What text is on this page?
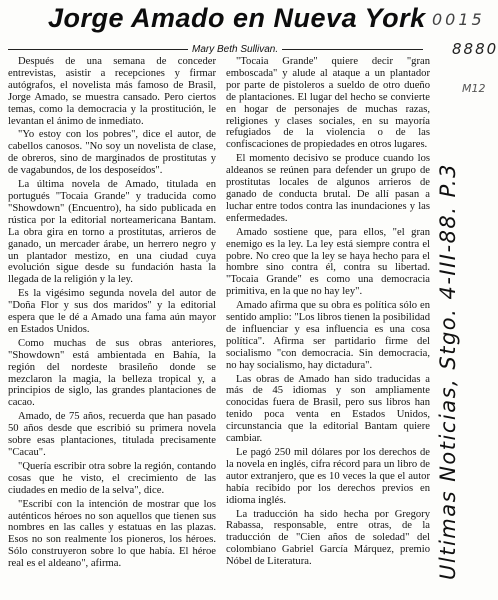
Jorge Amado en Nueva York
Mary Beth Sullivan.

Después de una semana de conceder entrevistas, asistir a recepciones y firmar autógrafos, el novelista más famoso de Brasil, Jorge Amado, se muestra cansado. Pero ciertos temas, como la democracia y la prostitución, le levantan el ánimo de inmediato.

"Yo estoy con los pobres", dice el autor, de cabellos canosos. "No soy un novelista de clase, de obreros, sino de marginados de prostitutas y de vagabundos, de los desposeídos".

La última novela de Amado, titulada en portugués "Tocaia Grande" y traducida como "Showdown" (Encuentro), ha sido publicada en rústica por la editorial norteamericana Bantam. La obra gira en torno a prostitutas, arrieros de ganado, un mercader árabe, un herrero negro y un plantador mestizo, en una ciudad cuya evolución sigue desde su fundación hasta la llegada de la religión y la ley.

Es la vigésimo segunda novela del autor de "Doña Flor y sus dos maridos" y la editorial espera que le dé a Amado una fama aún mayor en Estados Unidos.

Como muchas de sus obras anteriores, "Showdown" está ambientada en Bahía, la región del nordeste brasileño donde se mezclaron la magia, la belleza tropical y, a principios de siglo, las grandes plantaciones de cacao.

Amado, de 75 años, recuerda que han pasado 50 años desde que escribió su primera novela sobre esas plantaciones, titulada precisamente "Cacau".

"Quería escribir otra sobre la región, contando cosas que he visto, el crecimiento de las ciudades en medio de la selva", dice.

"Escribí con la intención de mostrar que los auténticos héroes no son aquellos que tienen sus nombres en las calles y estatuas en las plazas. Esos no son realmente los pioneros, los héroes. Sólo construyeron sobre lo que había. El héroe real es el aldeano", afirma.

"Tocaia Grande" quiere decir "gran emboscada" y alude al ataque a un plantador por parte de pistoleros a sueldo de otro dueño de plantaciones. El lugar del hecho se convierte en hogar de personajes de muchas razas, religiones y clases sociales, en su mayoría refugiados de la violencia o de las confiscaciones de propiedades en otros lugares.

El momento decisivo se produce cuando los aldeanos se reúnen para defender un grupo de prostitutas locales de algunos arrieros de ganado de conducta brutal. De allí pasan a luchar entre todos contra las inundaciones y las enfermedades.

Amado sostiene que, para ellos, "el gran enemigo es la ley. La ley está siempre contra el pobre. No creo que la ley se haya hecho para el hombre sino contra él, contra su libertad. "Tocaia Grande" es como una democracia primitiva, en la que no hay ley".

Amado afirma que su obra es política sólo en sentido amplio: "Los libros tienen la posibilidad de influenciar y esa influencia es una cosa política". Afirma ser partidario firme del socialismo "con democracia. Sin democracia, no hay socialismo, hay dictadura".

Las obras de Amado han sido traducidas a más de 45 idiomas y son ampliamente conocidas fuera de Brasil, pero sus libros han tenido poca venta en Estados Unidos, circunstancia que la editorial Bantam quiere cambiar.

Le pagó 250 mil dólares por los derechos de la novela en inglés, cifra récord para un libro de autor extranjero, que es 10 veces la que el autor había recibido por los derechos previos en idioma inglés.

La traducción ha sido hecha por Gregory Rabassa, responsable, entre otras, de la traducción de "Cien años de soledad" del colombiano Gabriel García Márquez, premio Nóbel de Literatura.

0015
8880
M12
Ultimas Noticias, Stgo. 4-III-88. P.3
